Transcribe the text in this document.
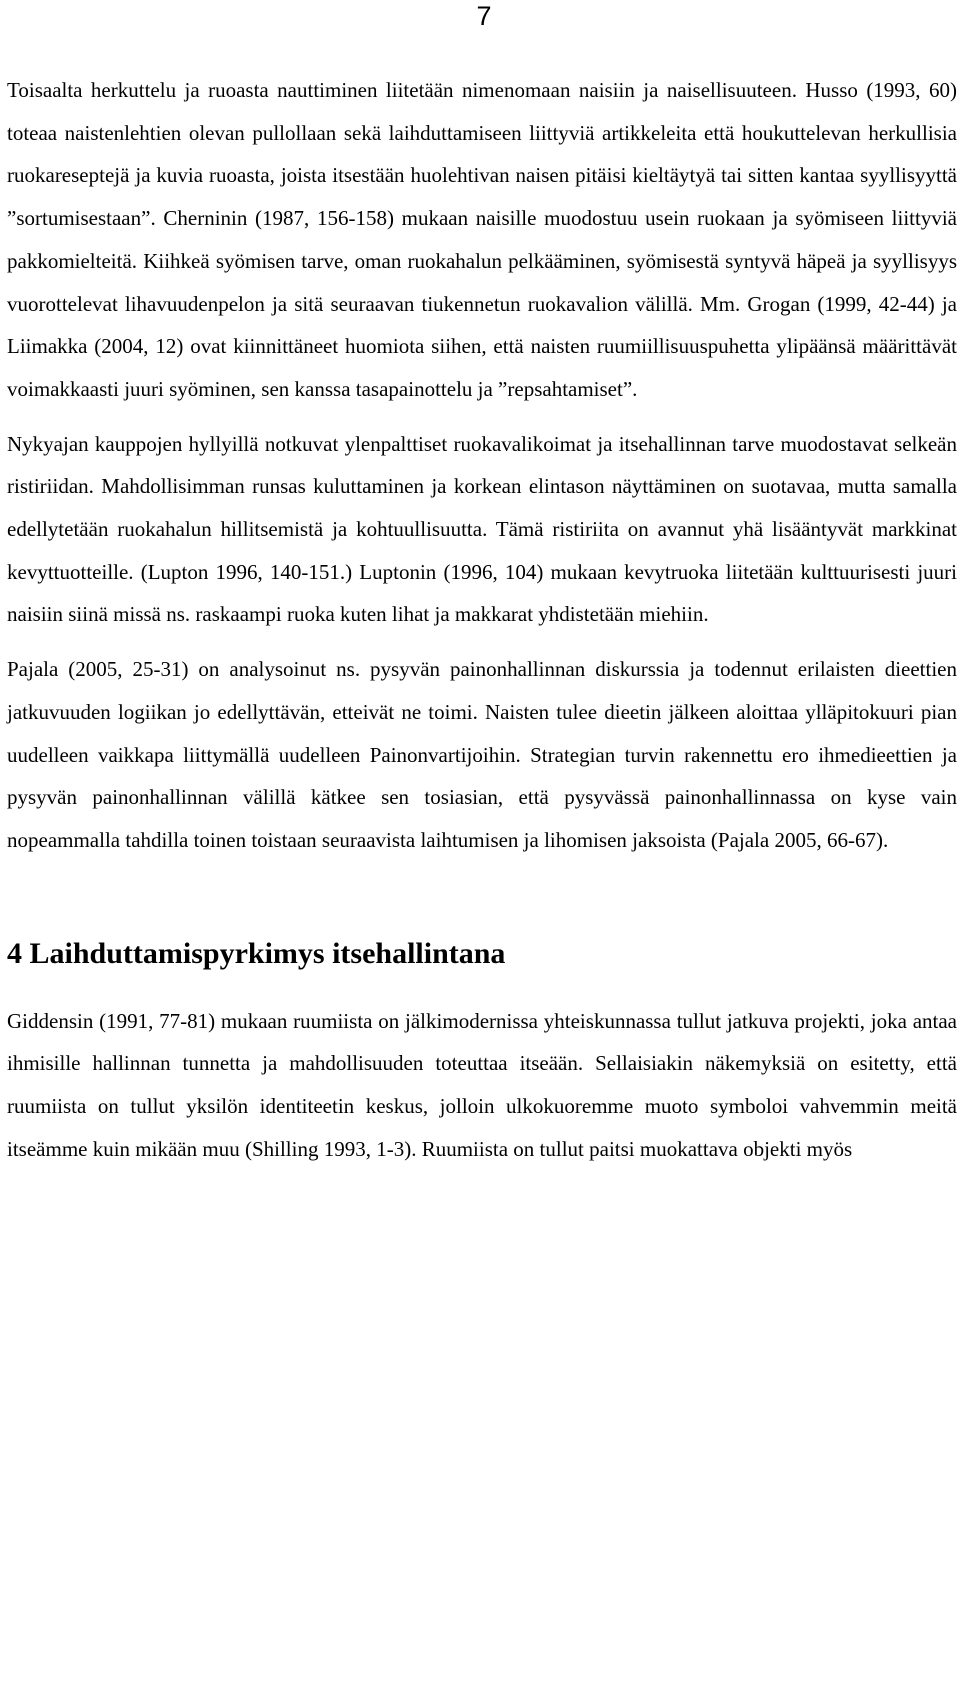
7

Toisaalta herkuttelu ja ruoasta nauttiminen liitetään nimenomaan naisiin ja naisellisuuteen. Husso (1993, 60) toteaa naistenlehtien olevan pullollaan sekä laihduttamiseen liittyviä artikkeleita että houkuttelevan herkullisia ruokareseptejä ja kuvia ruoasta, joista itsestään huolehtivan naisen pitäisi kieltäytyä tai sitten kantaa syyllisyyttä ”sortumisestaan”. Cherninin (1987, 156-158) mukaan naisille muodostuu usein ruokaan ja syömiseen liittyviä pakkomielteitä. Kiihkeä syömisen tarve, oman ruokahalun pelkääminen, syömisestä syntyvä häpeä ja syyllisyys vuorottelevat lihavuudenpelon ja sitä seuraavan tiukennetun ruokavalion välillä. Mm. Grogan (1999, 42-44) ja Liimakka (2004, 12) ovat kiinnittäneet huomiota siihen, että naisten ruumiillisuuspuhetta ylipäänsä määrittävät voimakkaasti juuri syöminen, sen kanssa tasapainottelu ja ”repsahtamiset”.

Nykyajan kauppojen hyllyillä notkuvat ylenpalttiset ruokavalikoimat ja itsehallinnan tarve muodostavat selkeän ristiriidan. Mahdollisimman runsas kuluttaminen ja korkean elintason näyttäminen on suotavaa, mutta samalla edellytetään ruokahalun hillitsemistä ja kohtuullisuutta. Tämä ristiriita on avannut yhä lisääntyvät markkinat kevyttuotteille. (Lupton 1996, 140-151.) Luptonin (1996, 104) mukaan kevytruoka liitetään kulttuurisesti juuri naisiin siinä missä ns. raskaampi ruoka kuten lihat ja makkarat yhdistetään miehiin.

Pajala (2005, 25-31) on analysoinut ns. pysyvän painonhallinnan diskurssia ja todennut erilaisten dieettien jatkuvuuden logiikan jo edellyttävän, etteivät ne toimi. Naisten tulee dieetin jälkeen aloittaa ylläpitokuuri pian uudelleen vaikkapa liittymällä uudelleen Painonvartijoihin. Strategian turvin rakennettu ero ihmedieettien ja pysyvän painonhallinnan välillä kätkee sen tosiasian, että pysyvässä painonhallinnassa on kyse vain nopeammalla tahdilla toinen toistaan seuraavista laihtumisen ja lihomisen jaksoista (Pajala 2005, 66-67).

4 Laihduttamispyrkimys itsehallintana

Giddensin (1991, 77-81) mukaan ruumiista on jälkimodernissa yhteiskunnassa tullut jatkuva projekti, joka antaa ihmisille hallinnan tunnetta ja mahdollisuuden toteuttaa itseään. Sellaisiakin näkemyksiä on esitetty, että ruumiista on tullut yksilön identiteetin keskus, jolloin ulkokuoremme muoto symboloi vahvemmin meitä itseämme kuin mikään muu (Shilling 1993, 1-3). Ruumiista on tullut paitsi muokattava objekti myös
